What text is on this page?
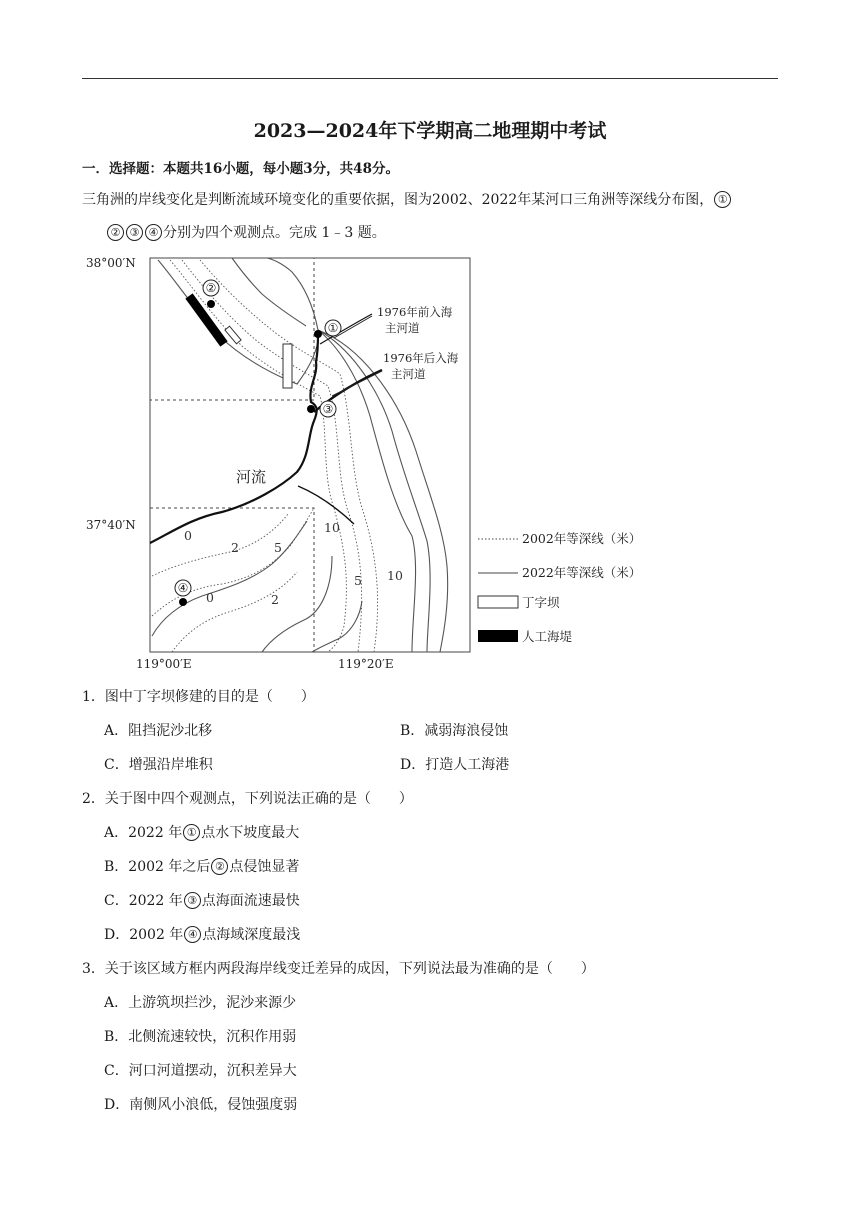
2023—2024年下学期高二地理期中考试
一．选择题：本题共16小题，每小题3分，共48分。
三角洲的岸线变化是判断流域环境变化的重要依据，图为2002、2022年某河口三角洲等深线分布图， ①
② ③ ④ 分别为四个观测点。完成 1﹣3 题。
②
①
③
④
0
2	5
0	2
10
5 10
38°00′N
37°40′N
119°00′E	119°20′E
河流
1976年前入海
主河道
1976年后入海
主河道
2002年等深线（米）
2022年等深线（米）
丁字坝
人工海堤
1．图中丁字坝修建的目的是（　　）
A．阻挡泥沙北移	B．减弱海浪侵蚀
C．增强沿岸堆积	D．打造人工海港
2．关于图中四个观测点，下列说法正确的是（　　）
A．2022 年 ① 点水下坡度最大
B．2002 年之后 ② 点侵蚀显著
C．2022 年 ③ 点海面流速最快
D．2002 年 ④ 点海域深度最浅
3．关于该区域方框内两段海岸线变迁差异的成因，下列说法最为准确的是（　　）
A．上游筑坝拦沙，泥沙来源少
B．北侧流速较快，沉积作用弱
C．河口河道摆动，沉积差异大
D．南侧风小浪低，侵蚀强度弱
